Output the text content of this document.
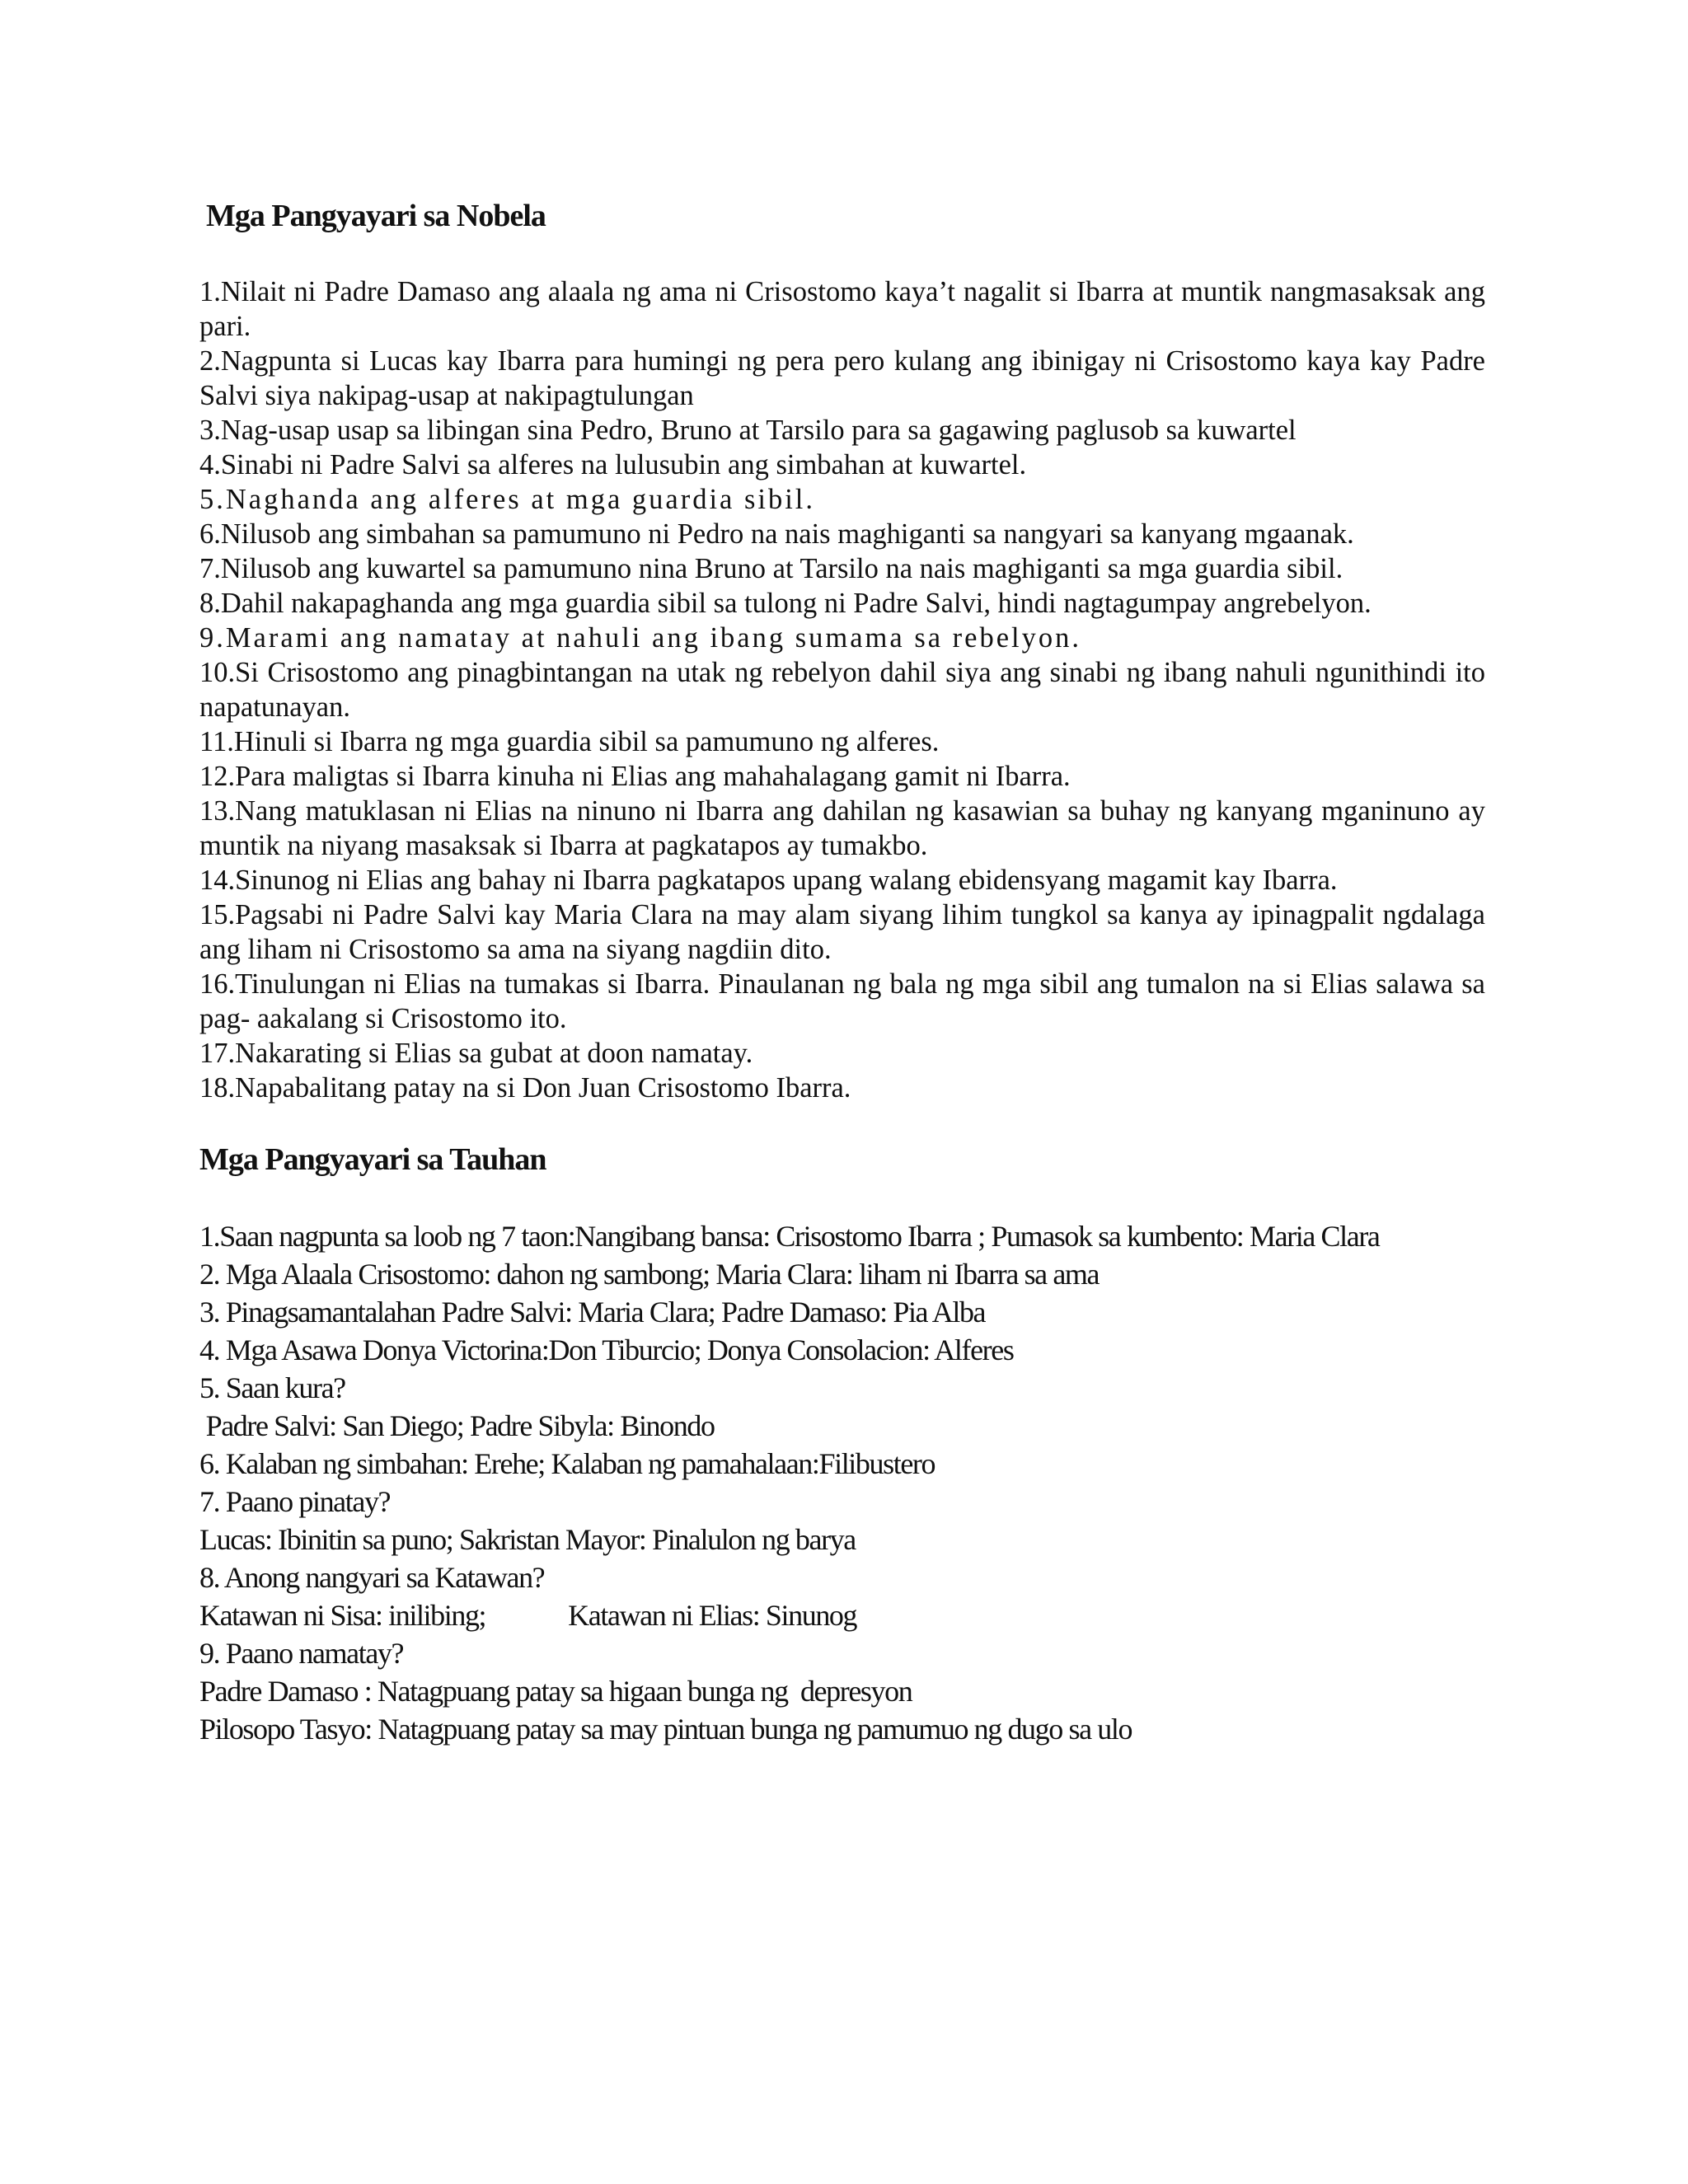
Mga Pangyayari sa Nobela
1.Nilait ni Padre Damaso ang alaala ng ama ni Crisostomo kaya’t nagalit si Ibarra at muntik nangmasaksak ang pari.
2.Nagpunta si Lucas kay Ibarra para humingi ng pera pero kulang ang ibinigay ni Crisostomo kaya kay Padre Salvi siya nakipag-usap at nakipagtulungan
3.Nag-usap usap sa libingan sina Pedro, Bruno at Tarsilo para sa gagawing paglusob sa kuwartel
4.Sinabi ni Padre Salvi sa alferes na lulusubin ang simbahan at kuwartel.
5.Naghanda ang alferes at mga guardia sibil.
6.Nilusob ang simbahan sa pamumuno ni Pedro na nais maghiganti sa nangyari sa kanyang mgaanak.
7.Nilusob ang kuwartel sa pamumuno nina Bruno at Tarsilo na nais maghiganti sa mga guardia sibil.
8.Dahil nakapaghanda ang mga guardia sibil sa tulong ni Padre Salvi, hindi nagtagumpay angrebelyon.
9.Marami ang namatay at nahuli ang ibang sumama sa rebelyon.
10.Si Crisostomo ang pinagbintangan na utak ng rebelyon dahil siya ang sinabi ng ibang nahuli ngunithindi ito napatunayan.
11.Hinuli si Ibarra ng mga guardia sibil sa pamumuno ng alferes.
12.Para maligtas si Ibarra kinuha ni Elias ang mahahalagang gamit ni Ibarra.
13.Nang matuklasan ni Elias na ninuno ni Ibarra ang dahilan ng kasawian sa buhay ng kanyang mganinuno ay muntik na niyang masaksak si Ibarra at pagkatapos ay tumakbo.
14.Sinunog ni Elias ang bahay ni Ibarra pagkatapos upang walang ebidensyang magamit kay Ibarra.
15.Pagsabi ni Padre Salvi kay Maria Clara na may alam siyang lihim tungkol sa kanya ay ipinagpalit ngdalaga ang liham ni Crisostomo sa ama na siyang nagdiin dito.
16.Tinulungan ni Elias na tumakas si Ibarra. Pinaulanan ng bala ng mga sibil ang tumalon na si Elias salawa sa pag- aakalang si Crisostomo ito.
17.Nakarating si Elias sa gubat at doon namatay.
18.Napabalitang patay na si Don Juan Crisostomo Ibarra.
Mga Pangyayari sa Tauhan
1.Saan nagpunta sa loob ng 7 taon:Nangibang bansa: Crisostomo Ibarra ; Pumasok sa kumbento: Maria Clara
2. Mga Alaala Crisostomo: dahon ng sambong; Maria Clara: liham ni Ibarra sa ama
3. Pinagsamantalahan Padre Salvi: Maria Clara; Padre Damaso: Pia Alba
4. Mga Asawa Donya Victorina:Don Tiburcio; Donya Consolacion: Alferes
5. Saan kura?
Padre Salvi: San Diego; Padre Sibyla: Binondo
6. Kalaban ng simbahan: Erehe; Kalaban ng pamahalaan:Filibustero
7. Paano pinatay?
Lucas: Ibinitin sa puno; Sakristan Mayor: Pinalulon ng barya
8. Anong nangyari sa Katawan?
Katawan ni Sisa: inilibing;	Katawan ni Elias: Sinunog
9. Paano namatay?
Padre Damaso : Natagpuang patay sa higaan bunga ng  depresyon
Pilosopo Tasyo: Natagpuang patay sa may pintuan bunga ng pamumuo ng dugo sa ulo
